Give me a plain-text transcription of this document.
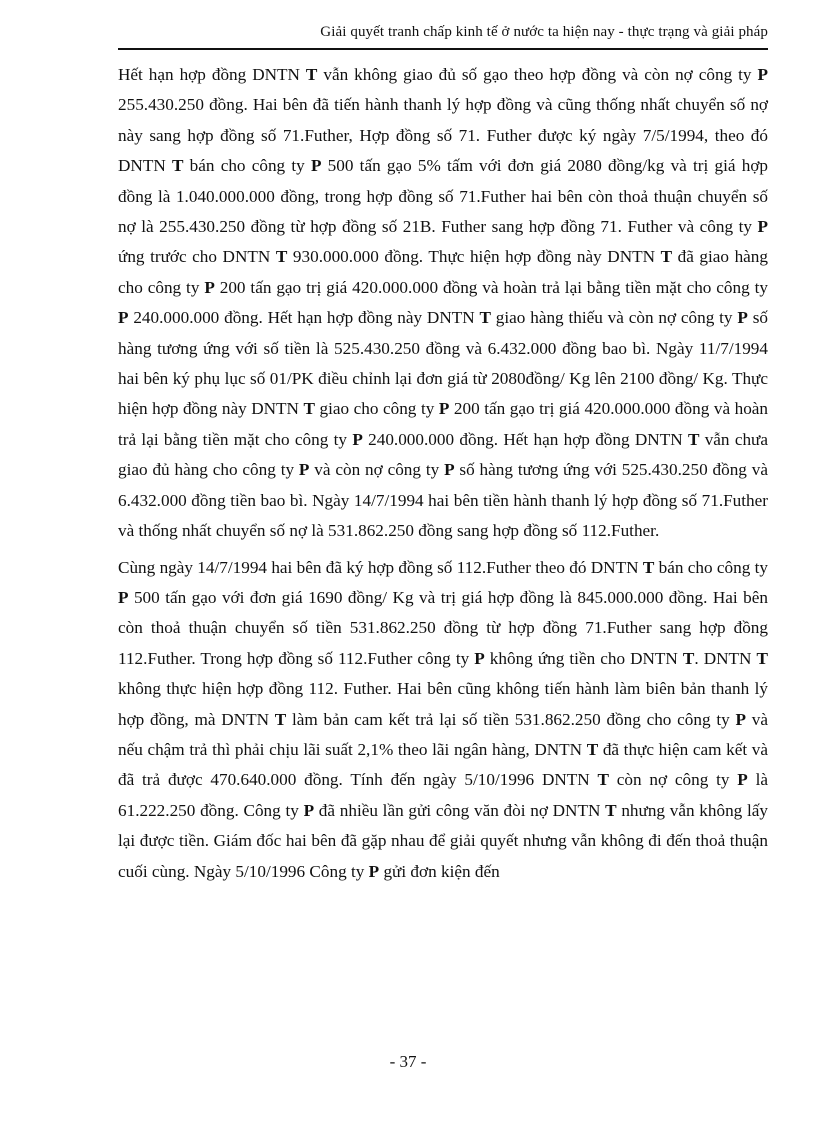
Giải quyết tranh chấp kinh tế ở nước ta hiện nay - thực trạng và giải pháp

Hết hạn hợp đồng DNTN T vẫn không giao đủ số gạo theo hợp đồng và còn nợ công ty P 255.430.250 đồng. Hai bên đã tiến hành thanh lý hợp đồng và cũng thống nhất chuyển số nợ này sang hợp đồng số 71.Futher, Hợp đồng số 71. Futher được ký ngày 7/5/1994, theo đó DNTN T bán cho công ty P 500 tấn gạo 5% tấm với đơn giá 2080 đồng/kg và trị giá hợp đồng là 1.040.000.000 đồng, trong hợp đồng số 71.Futher hai bên còn thoả thuận chuyển số nợ là 255.430.250 đồng từ hợp đồng số 21B. Futher sang hợp đồng 71. Futher và công ty P ứng trước cho DNTN T 930.000.000 đồng. Thực hiện hợp đồng này DNTN T đã giao hàng cho công ty P 200 tấn gạo trị giá 420.000.000 đồng và hoàn trả lại bằng tiền mặt cho công ty P 240.000.000 đồng. Hết hạn hợp đồng này DNTN T giao hàng thiếu và còn nợ công ty P số hàng tương ứng với số tiền là 525.430.250 đồng và 6.432.000 đồng bao bì. Ngày 11/7/1994 hai bên ký phụ lục số 01/PK điều chỉnh lại đơn giá từ 2080đồng/ Kg lên 2100 đồng/ Kg. Thực hiện hợp đồng này DNTN T giao cho công ty P 200 tấn gạo trị giá 420.000.000 đồng và hoàn trả lại bằng tiền mặt cho công ty P 240.000.000 đồng. Hết hạn hợp đồng DNTN T vẫn chưa giao đủ hàng cho công ty P và còn nợ công ty P số hàng tương ứng với 525.430.250 đồng và 6.432.000 đồng tiền bao bì. Ngày 14/7/1994 hai bên tiền hành thanh lý hợp đồng số 71.Futher và thống nhất chuyển số nợ là 531.862.250 đồng sang hợp đồng số 112.Futher.

Cùng ngày 14/7/1994 hai bên đã ký hợp đồng số 112.Futher theo đó DNTN T bán cho công ty P 500 tấn gạo với đơn giá 1690 đồng/ Kg và trị giá hợp đồng là 845.000.000 đồng. Hai bên còn thoả thuận chuyển số tiền 531.862.250 đồng từ hợp đồng 71.Futher sang hợp đồng 112.Futher. Trong hợp đồng số 112.Futher công ty P không ứng tiền cho DNTN T. DNTN T không thực hiện hợp đồng 112. Futher. Hai bên cũng không tiến hành làm biên bản thanh lý hợp đồng, mà DNTN T làm bản cam kết trả lại số tiền 531.862.250 đồng cho công ty P và nếu chậm trả thì phải chịu lãi suất 2,1% theo lãi ngân hàng, DNTN T đã thực hiện cam kết và đã trả được 470.640.000 đồng. Tính đến ngày 5/10/1996 DNTN T còn nợ công ty P là 61.222.250 đồng. Công ty P đã nhiều lần gửi công văn đòi nợ DNTN T nhưng vẫn không lấy lại được tiền. Giám đốc hai bên đã gặp nhau để giải quyết nhưng vẫn không đi đến thoả thuận cuối cùng. Ngày 5/10/1996 Công ty P gửi đơn kiện đến

- 37 -
